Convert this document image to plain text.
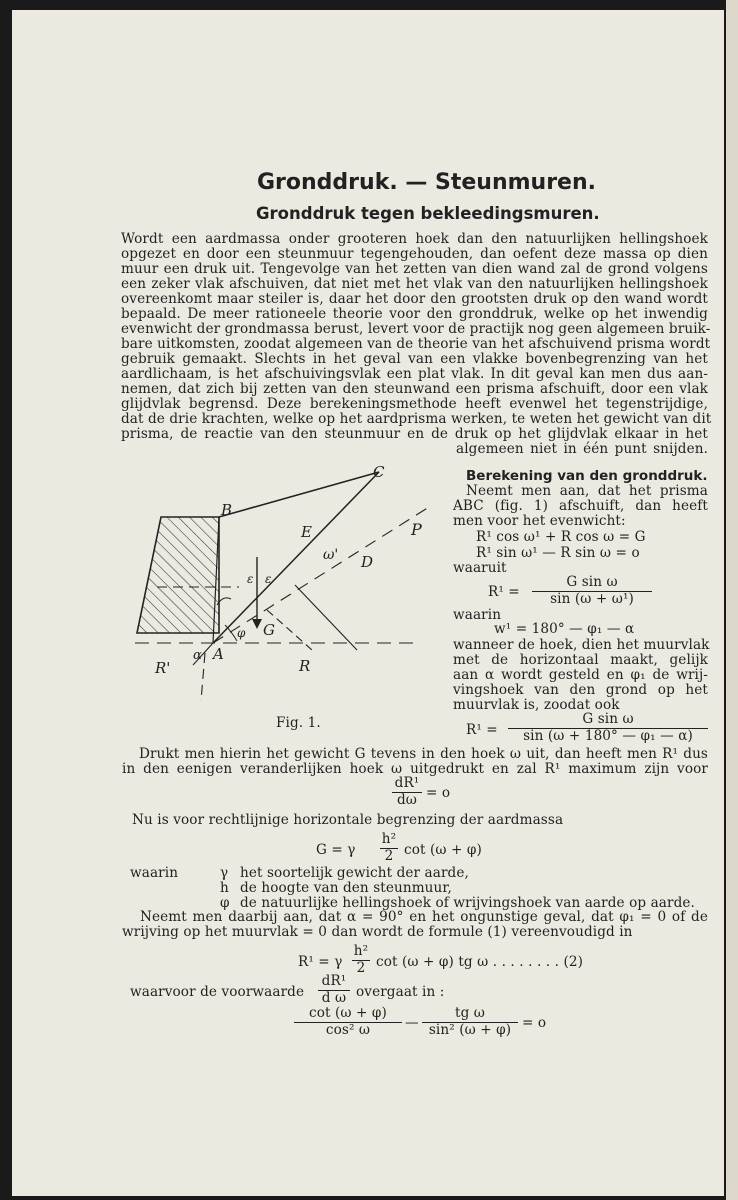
Gronddruk. — Steunmuren.
Gronddruk tegen bekleedingsmuren.
Wordt een aardmassa onder grooteren hoek dan den natuurlijken hellingshoek
opgezet en door een steunmuur tegengehouden, dan oefent deze massa op dien
muur een druk uit. Tengevolge van het zetten van dien wand zal de grond volgens
een zeker vlak afschuiven, dat niet met het vlak van den natuurlijken hellingshoek
overeenkomt maar steiler is, daar het door den grootsten druk op den wand wordt
bepaald. De meer rationeele theorie voor den gronddruk, welke op het inwendig
evenwicht der grondmassa berust, levert voor de practijk nog geen algemeen bruik-
bare uitkomsten, zoodat algemeen van de theorie van het afschuivend prisma wordt
gebruik gemaakt. Slechts in het geval van een vlakke bovenbegrenzing van het
aardlichaam, is het afschuivingsvlak een plat vlak. In dit geval kan men dus aan-
nemen, dat zich bij zetten van den steunwand een prisma afschuift, door een vlak
glijdvlak begrensd. Deze berekeningsmethode heeft evenwel het tegenstrijdige,
dat de drie krachten, welke op het aardprisma werken, te weten het gewicht van dit
prisma, de reactie van den steunmuur en de druk op het glijdvlak elkaar in het
algemeen niet in één punt snijden.
B
C
E
D
ω'
P
G
A
R
R'
α
φ
ε ε
Fig. 1.
Berekening van den gronddruk.
Neemt men aan, dat het prisma
ABC (fig. 1) afschuift, dan heeft
men voor het evenwicht:
R¹ cos ω¹ + R cos ω = G
R¹ sin ω¹ — R sin ω = o
waaruit
$R^1 = \frac{\text{G sin ω}}{\text{sin (ω + ω¹)}}$
waarin
w¹ = 180° — φ₁ — α
wanneer de hoek, dien het muurvlak
met de horizontaal maakt, gelijk
aan α wordt gesteld en φ₁ de wrij-
vingshoek van den grond op het
muurvlak is, zoodat ook
$R^1 = \frac{\text{G sin ω}}{\text{sin (ω + 180° — φ₁ — α)}}$
Drukt men hierin het gewicht G tevens in den hoek ω uit, dan heeft men R¹ dus
in den eenigen veranderlijken hoek ω uitgedrukt en zal R¹ maximum zijn voor
$\frac{\text{dR¹}}{d\omega} = o$
Nu is voor rechtlijnige horizontale begrenzing der aardmassa
G = γ $\frac{\text{h²}}{2}$ cot (ω + φ)
waarin	γ het soortelijk gewicht der aarde,
h de hoogte van den steunmuur,
φ de natuurlijke hellingshoek of wrijvingshoek van aarde op aarde.
Neemt men daarbij aan, dat α = 90° en het ongunstige geval, dat φ₁ = 0 of de
wrijving op het muurvlak = 0 dan wordt de formule (1) vereenvoudigd in
R¹ = γ $\frac{\text{h²}}{2}$ cot (ω + φ) tg ω . . . . . . . . (2)
waarvoor de voorwaarde $\frac{\text{dR¹}}{\text{d ω}}$ overgaat in :
$\frac{\cot (\omega + \varphi)}{\text{cos² ω}}$ — $\frac{\text{tg ω}}{\text{sin² (ω + φ)}} = o$
